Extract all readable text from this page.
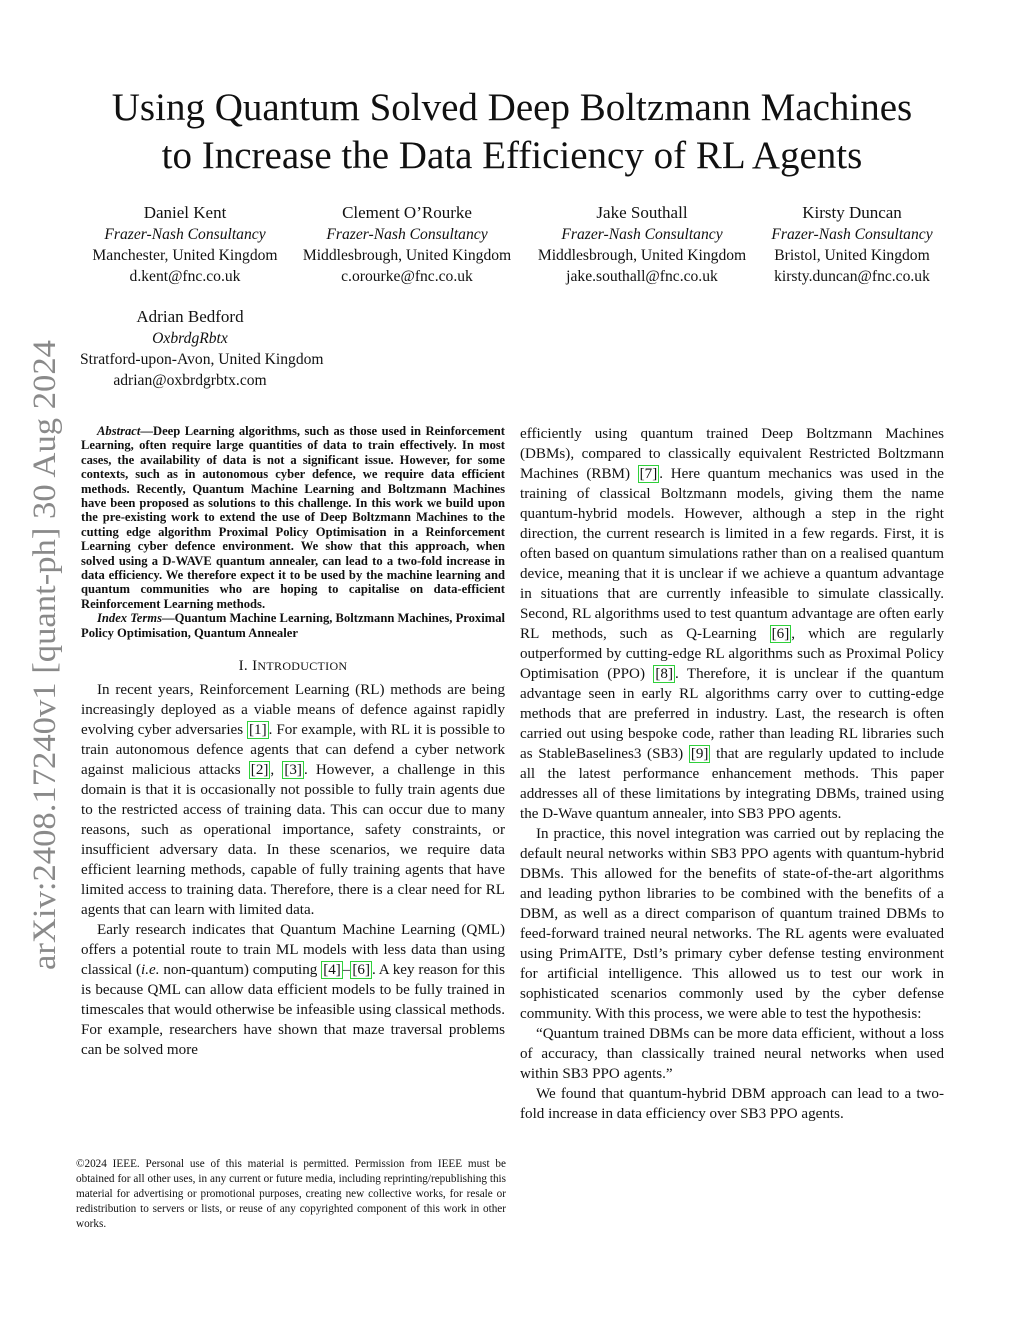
arXiv:2408.17240v1 [quant-ph] 30 Aug 2024
Using Quantum Solved Deep Boltzmann Machines
to Increase the Data Efficiency of RL Agents
Daniel Kent
Frazer-Nash Consultancy
Manchester, United Kingdom
d.kent@fnc.co.uk
Clement O’Rourke
Frazer-Nash Consultancy
Middlesbrough, United Kingdom
c.orourke@fnc.co.uk
Jake Southall
Frazer-Nash Consultancy
Middlesbrough, United Kingdom
jake.southall@fnc.co.uk
Kirsty Duncan
Frazer-Nash Consultancy
Bristol, United Kingdom
kirsty.duncan@fnc.co.uk
Adrian Bedford
OxbrdgRbtx
Stratford-upon-Avon, United Kingdom
adrian@oxbrdgrbtx.com

Abstract—Deep Learning algorithms, such as those used in Reinforcement Learning, often require large quantities of data to train effectively. In most cases, the availability of data is not a significant issue. However, for some contexts, such as in autonomous cyber defence, we require data efficient methods. Recently, Quantum Machine Learning and Boltzmann Machines have been proposed as solutions to this challenge. In this work we build upon the pre-existing work to extend the use of Deep Boltzmann Machines to the cutting edge algorithm Proximal Policy Optimisation in a Reinforcement Learning cyber defence environment. We show that this approach, when solved using a D-WAVE quantum annealer, can lead to a two-fold increase in data efficiency. We therefore expect it to be used by the machine learning and quantum communities who are hoping to capitalise on data-efficient Reinforcement Learning methods.

Index Terms—Quantum Machine Learning, Boltzmann Machines, Proximal Policy Optimisation, Quantum Annealer

I. INTRODUCTION

In recent years, Reinforcement Learning (RL) methods are being increasingly deployed as a viable means of defence against rapidly evolving cyber adversaries [1] . For example, with RL it is possible to train autonomous defence agents that can defend a cyber network against malicious attacks [2] , [3] . However, a challenge in this domain is that it is occasionally not possible to fully train agents due to the restricted access of training data. This can occur due to many reasons, such as operational importance, safety constraints, or insufficient adversary data. In these scenarios, we require data efficient learning methods, capable of fully training agents that have limited access to training data. Therefore, there is a clear need for RL agents that can learn with limited data.

Early research indicates that Quantum Machine Learning (QML) offers a potential route to train ML models with less data than using classical (i.e. non-quantum) computing [4] – [6] . A key reason for this is because QML can allow data efficient models to be fully trained in timescales that would otherwise be infeasible using classical methods. For example, researchers have shown that maze traversal problems can be solved more

©2024 IEEE. Personal use of this material is permitted. Permission from IEEE must be obtained for all other uses, in any current or future media, including reprinting/republishing this material for advertising or promotional purposes, creating new collective works, for resale or redistribution to servers or lists, or reuse of any copyrighted component of this work in other works.

efficiently using quantum trained Deep Boltzmann Machines (DBMs), compared to classically equivalent Restricted Boltzmann Machines (RBM) [7] . Here quantum mechanics was used in the training of classical Boltzmann models, giving them the name quantum-hybrid models. However, although a step in the right direction, the current research is limited in a few regards. First, it is often based on quantum simulations rather than on a realised quantum device, meaning that it is unclear if we achieve a quantum advantage in situations that are currently infeasible to simulate classically. Second, RL algorithms used to test quantum advantage are often early RL methods, such as Q-Learning [6] , which are regularly outperformed by cutting-edge RL algorithms such as Proximal Policy Optimisation (PPO) [8] . Therefore, it is unclear if the quantum advantage seen in early RL algorithms carry over to cutting-edge methods that are preferred in industry. Last, the research is often carried out using bespoke code, rather than leading RL libraries such as StableBaselines3 (SB3) [9] that are regularly updated to include all the latest performance enhancement methods. This paper addresses all of these limitations by integrating DBMs, trained using the D-Wave quantum annealer, into SB3 PPO agents.

In practice, this novel integration was carried out by replacing the default neural networks within SB3 PPO agents with quantum-hybrid DBMs. This allowed for the benefits of state-of-the-art algorithms and leading python libraries to be combined with the benefits of a DBM, as well as a direct comparison of quantum trained DBMs to feed-forward trained neural networks. The RL agents were evaluated using PrimAITE, Dstl’s primary cyber defense testing environment for artificial intelligence. This allowed us to test our work in sophisticated scenarios commonly used by the cyber defense community. With this process, we were able to test the hypothesis:

“Quantum trained DBMs can be more data efficient, without a loss of accuracy, than classically trained neural networks when used within SB3 PPO agents.”

We found that quantum-hybrid DBM approach can lead to a two-fold increase in data efficiency over SB3 PPO agents.
